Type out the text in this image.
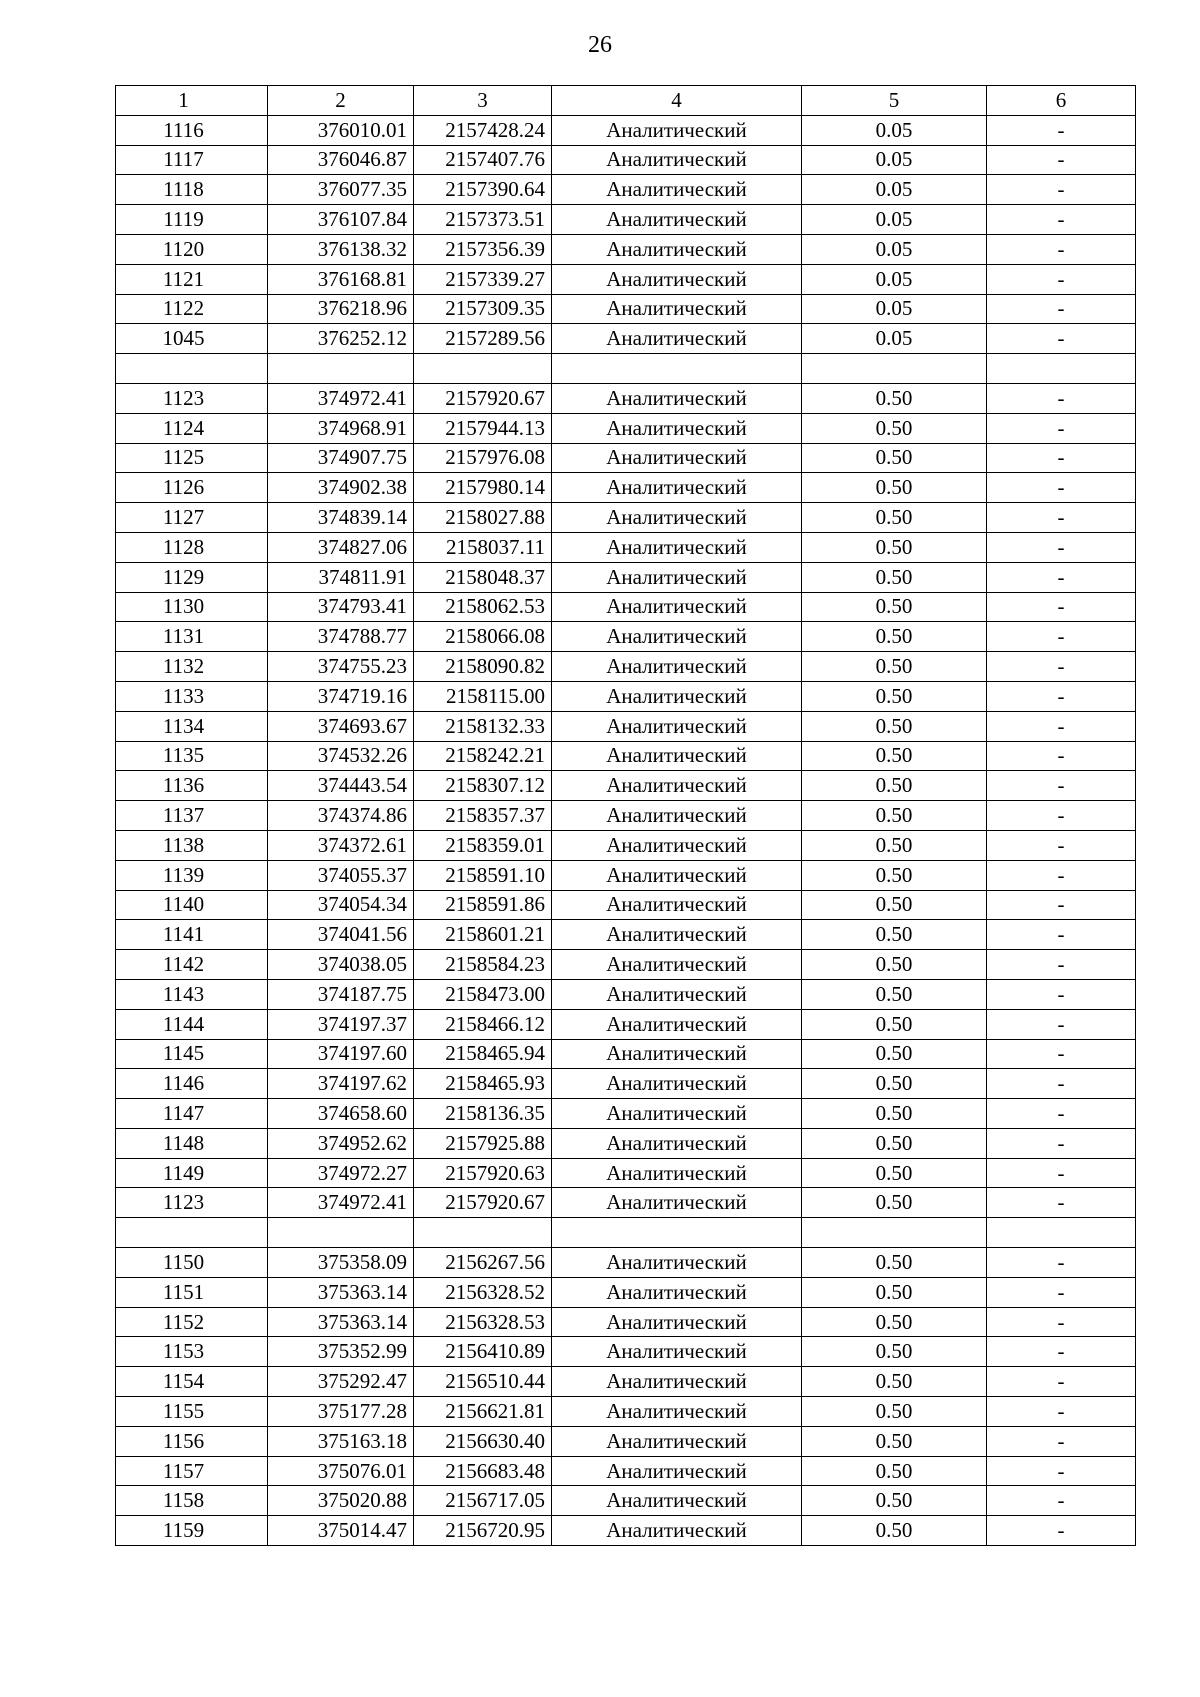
26
1	2	3	4	5	6
1116	376010.01	2157428.24	Аналитический	0.05	-
1117	376046.87	2157407.76	Аналитический	0.05	-
1118	376077.35	2157390.64	Аналитический	0.05	-
1119	376107.84	2157373.51	Аналитический	0.05	-
1120	376138.32	2157356.39	Аналитический	0.05	-
1121	376168.81	2157339.27	Аналитический	0.05	-
1122	376218.96	2157309.35	Аналитический	0.05	-
1045	376252.12	2157289.56	Аналитический	0.05	-

1123	374972.41	2157920.67	Аналитический	0.50	-
1124	374968.91	2157944.13	Аналитический	0.50	-
1125	374907.75	2157976.08	Аналитический	0.50	-
1126	374902.38	2157980.14	Аналитический	0.50	-
1127	374839.14	2158027.88	Аналитический	0.50	-
1128	374827.06	2158037.11	Аналитический	0.50	-
1129	374811.91	2158048.37	Аналитический	0.50	-
1130	374793.41	2158062.53	Аналитический	0.50	-
1131	374788.77	2158066.08	Аналитический	0.50	-
1132	374755.23	2158090.82	Аналитический	0.50	-
1133	374719.16	2158115.00	Аналитический	0.50	-
1134	374693.67	2158132.33	Аналитический	0.50	-
1135	374532.26	2158242.21	Аналитический	0.50	-
1136	374443.54	2158307.12	Аналитический	0.50	-
1137	374374.86	2158357.37	Аналитический	0.50	-
1138	374372.61	2158359.01	Аналитический	0.50	-
1139	374055.37	2158591.10	Аналитический	0.50	-
1140	374054.34	2158591.86	Аналитический	0.50	-
1141	374041.56	2158601.21	Аналитический	0.50	-
1142	374038.05	2158584.23	Аналитический	0.50	-
1143	374187.75	2158473.00	Аналитический	0.50	-
1144	374197.37	2158466.12	Аналитический	0.50	-
1145	374197.60	2158465.94	Аналитический	0.50	-
1146	374197.62	2158465.93	Аналитический	0.50	-
1147	374658.60	2158136.35	Аналитический	0.50	-
1148	374952.62	2157925.88	Аналитический	0.50	-
1149	374972.27	2157920.63	Аналитический	0.50	-
1123	374972.41	2157920.67	Аналитический	0.50	-

1150	375358.09	2156267.56	Аналитический	0.50	-
1151	375363.14	2156328.52	Аналитический	0.50	-
1152	375363.14	2156328.53	Аналитический	0.50	-
1153	375352.99	2156410.89	Аналитический	0.50	-
1154	375292.47	2156510.44	Аналитический	0.50	-
1155	375177.28	2156621.81	Аналитический	0.50	-
1156	375163.18	2156630.40	Аналитический	0.50	-
1157	375076.01	2156683.48	Аналитический	0.50	-
1158	375020.88	2156717.05	Аналитический	0.50	-
1159	375014.47	2156720.95	Аналитический	0.50	-
